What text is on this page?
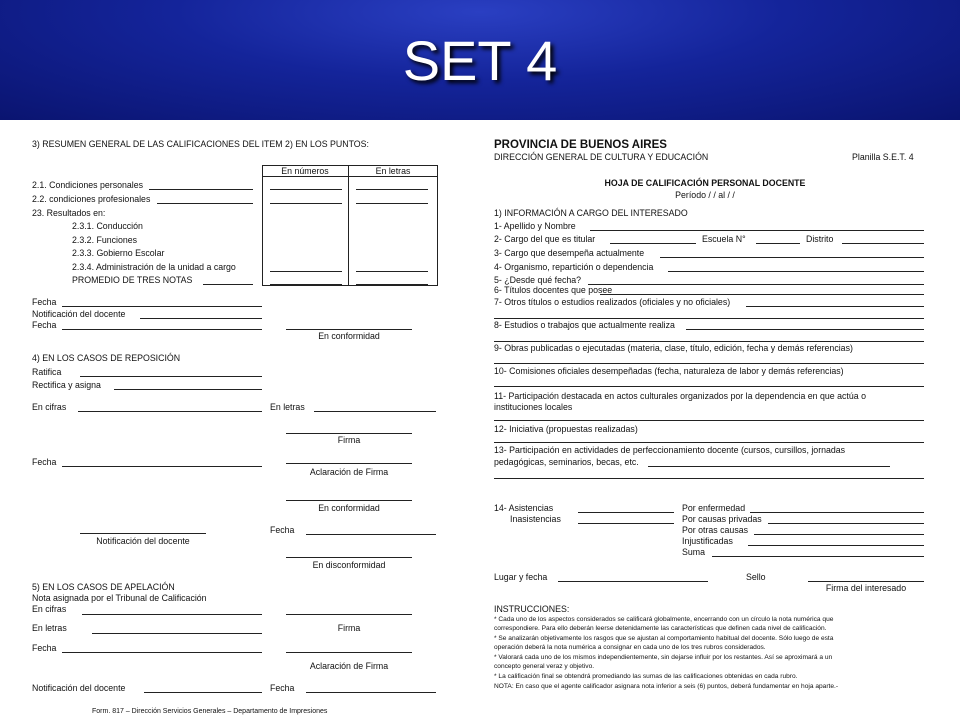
SET 4
3) RESUMEN GENERAL DE LAS CALIFICACIONES DEL ITEM 2) EN LOS PUNTOS:
En números	En letras
2.1. Condiciones personales
2.2. condiciones profesionales
23. Resultados en:
2.3.1. Conducción
2.3.2. Funciones
2.3.3. Gobierno Escolar
2.3.4. Administración de la unidad a cargo
PROMEDIO DE TRES NOTAS
Fecha
Notificación del docente
Fecha
En conformidad
4) EN LOS CASOS DE REPOSICIÓN
Ratifica
Rectifica y asigna
En cifras	En letras
Firma
Fecha
Aclaración de Firma
En conformidad
Notificación del docente
Fecha
En disconformidad
5) EN LOS CASOS DE APELACIÓN
Nota asignada por el Tribunal de Calificación
En cifras
En letras	Firma
Fecha
Aclaración de Firma
Notificación del docente	Fecha
Form. 817 – Dirección Servicios Generales – Departamento de Impresiones
PROVINCIA DE BUENOS AIRES
DIRECCIÓN GENERAL DE CULTURA Y EDUCACIÓN	Planilla S.E.T. 4
HOJA DE CALIFICACIÓN PERSONAL DOCENTE
Período / / al / /
1) INFORMACIÓN A CARGO DEL INTERESADO
1- Apellido y Nombre
2- Cargo del que es titular	Escuela N°	Distrito
3- Cargo que desempeña actualmente
4- Organismo, repartición o dependencia
5- ¿Desde qué fecha?
6- Títulos docentes que posee
7- Otros títulos o estudios realizados (oficiales y no oficiales)
8- Estudios o trabajos que actualmente realiza
9- Obras publicadas o ejecutadas (materia, clase, título, edición, fecha y demás referencias)
10- Comisiones oficiales desempeñadas (fecha, naturaleza de labor y demás referencias)
11- Participación destacada en actos culturales organizados por la dependencia en que actúa o
instituciones locales
12- Iniciativa (propuestas realizadas)
13- Participación en actividades de perfeccionamiento docente (cursos, cursillos, jornadas
pedagógicas, seminarios, becas, etc.
14- Asistencias
Inasistencias
Por enfermedad
Por causas privadas
Por otras causas
Injustificadas
Suma
Lugar y fecha	Sello
Firma del interesado
INSTRUCCIONES:
* Cada uno de los aspectos considerados se calificará globalmente, encerrando con un círculo la nota numérica que
correspondiere. Para ello deberán leerse detenidamente las características que definen cada nivel de calificación.
* Se analizarán objetivamente los rasgos que se ajustan al comportamiento habitual del docente. Sólo luego de esta
operación deberá la nota numérica a consignar en cada uno de los tres rubros considerados.
* Valorará cada uno de los mismos independientemente, sin dejarse influir por los restantes. Así se aproximará a un
concepto general veraz y objetivo.
* La calificación final se obtendrá promediando las sumas de las calificaciones obtenidas en cada rubro.
NOTA: En caso que el agente calificador asignara nota inferior a seis (6) puntos, deberá fundamentar en hoja aparte.-
